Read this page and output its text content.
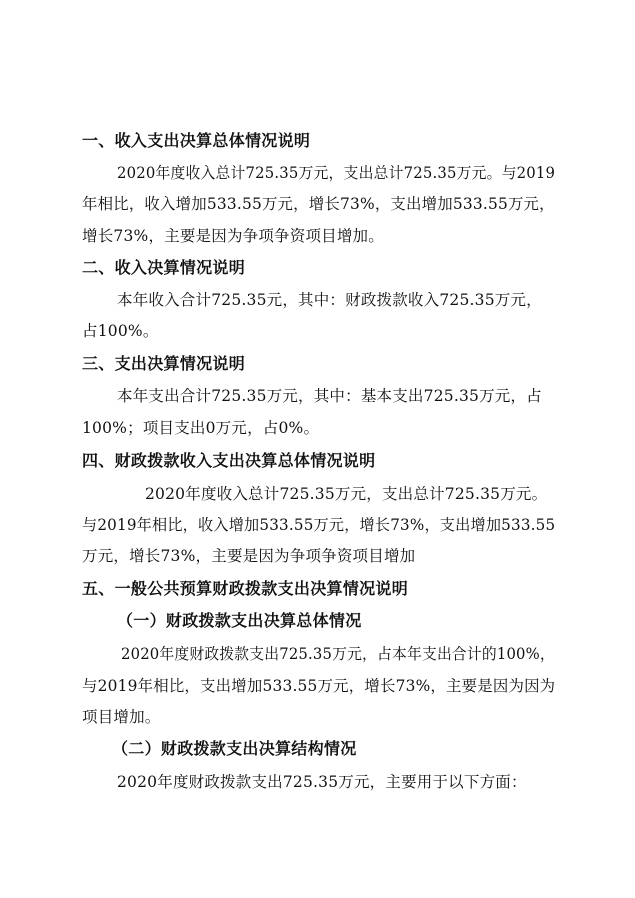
一、收入支出决算总体情况说明
2020年度收入总计725.35万元，支出总计725.35万元。与2019
年相比，收入增加533.55万元，增长73%，支出增加533.55万元，
增长73%，主要是因为争项争资项目增加。
二、收入决算情况说明
本年收入合计725.35元，其中：财政拨款收入725.35万元，
占100%。
三、支出决算情况说明
本年支出合计725.35万元，其中：基本支出725.35万元，占
100%；项目支出0万元，占0%。
四、财政拨款收入支出决算总体情况说明
2020年度收入总计725.35万元，支出总计725.35万元。
与2019年相比，收入增加533.55万元，增长73%，支出增加533.55
万元，增长73%，主要是因为争项争资项目增加
五、一般公共预算财政拨款支出决算情况说明
（一）财政拨款支出决算总体情况
2020年度财政拨款支出725.35万元，占本年支出合计的100%，
与2019年相比，支出增加533.55万元，增长73%，主要是因为因为
项目增加。
（二）财政拨款支出决算结构情况
2020年度财政拨款支出725.35万元，主要用于以下方面：
